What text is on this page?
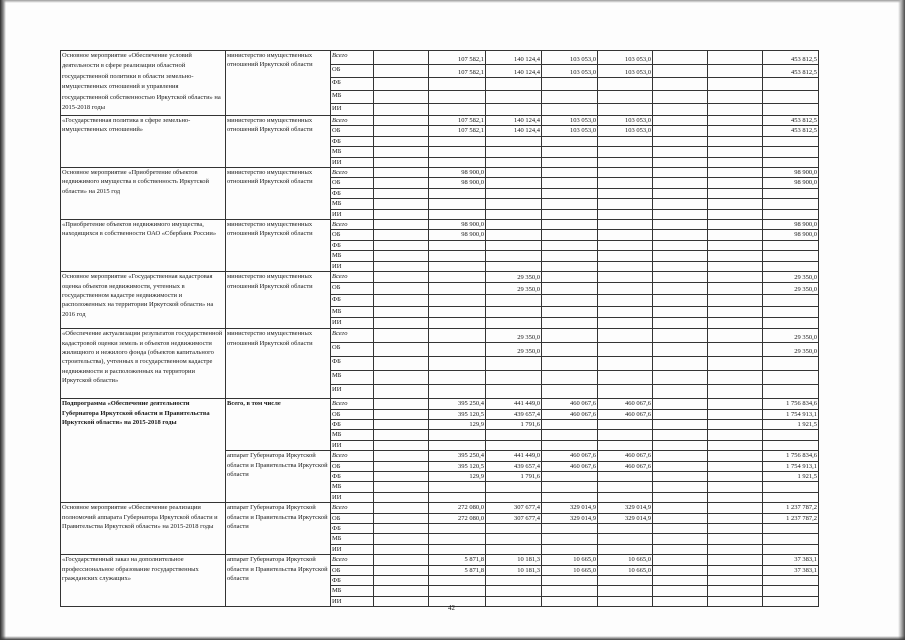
Основное мероприятие «Обеспечение условий деятельности в сфере реализации областной государственной политики в области земельно-имущественных отношений и управления государственной собственностью Иркутской области» на 2015-2018 годы	министерство имущественных отношений Иркутской области	Всего		107 582,1	140 124,4	103 053,0	103 053,0			453 812,5
		ОБ		107 582,1	140 124,4	103 053,0	103 053,0			453 812,5
		ФБ								
		МБ								
		ИИ								
«Государственная политика в сфере земельно-имущественных отношений»	министерство имущественных отношений Иркутской области	Всего		107 582,1	140 124,4	103 053,0	103 053,0			453 812,5
		ОБ		107 582,1	140 124,4	103 053,0	103 053,0			453 812,5
		ФБ								
		МБ								
		ИИ								
Основное мероприятие «Приобретение объектов недвижимого имущества в собственность Иркутской области» на 2015 год	министерство имущественных отношений Иркутской области	Всего		98 900,0						98 900,0
		ОБ		98 900,0						98 900,0
		ФБ								
		МБ								
		ИИ								
«Приобретение объектов недвижимого имущества, находящихся в собственности ОАО «Сбербанк России»	министерство имущественных отношений Иркутской области	Всего		98 900,0						98 900,0
		ОБ		98 900,0						98 900,0
		ФБ								
		МБ								
		ИИ								
Основное мероприятие «Государственная кадастровая оценка объектов недвижимости, учтенных в государственном кадастре недвижимости и расположенных на территории Иркутской области» на 2016 год	министерство имущественных отношений Иркутской области	Всего			29 350,0					29 350,0
		ОБ			29 350,0					29 350,0
		ФБ								
		МБ								
		ИИ								
«Обеспечение актуализации результатов государственной кадастровой оценки земель и объектов недвижимости жилищного и нежилого фонда (объектов капитального строительства), учтенных в государственном кадастре недвижимости и расположенных на территории Иркутской области»	министерство имущественных отношений Иркутской области	Всего			29 350,0					29 350,0
		ОБ			29 350,0					29 350,0
		ФБ								
		МБ								
		ИИ								
Подпрограмма «Обеспечение деятельности Губернатора Иркутской области и Правительства Иркутской области» на 2015-2018 годы	Всего, в том числе	Всего		395 250,4	441 449,0	460 067,6	460 067,6			1 756 834,6
		ОБ		395 120,5	439 657,4	460 067,6	460 067,6			1 754 913,1
		ФБ		129,9	1 791,6					1 921,5
		МБ								
		ИИ								
	аппарат Губернатора Иркутской области и Правительства Иркутской области	Всего		395 250,4	441 449,0	460 067,6	460 067,6			1 756 834,6
		ОБ		395 120,5	439 657,4	460 067,6	460 067,6			1 754 913,1
		ФБ		129,9	1 791,6					1 921,5
		МБ								
		ИИ								
Основное мероприятие «Обеспечение реализации полномочий аппарата Губернатора Иркутской области и Правительства Иркутской области» на 2015-2018 годы	аппарат Губернатора Иркутской области и Правительства Иркутской области	Всего		272 080,0	307 677,4	329 014,9	329 014,9			1 237 787,2
		ОБ		272 080,0	307 677,4	329 014,9	329 014,9			1 237 787,2
		ФБ								
		МБ								
		ИИ								
«Государственный заказ на дополнительное профессиональное образование государственных гражданских служащих»	аппарат Губернатора Иркутской области и Правительства Иркутской области	Всего		5 871,8	10 181,3	10 665,0	10 665,0			37 383,1
		ОБ		5 871,8	10 181,3	10 665,0	10 665,0			37 383,1
		ФБ								
		МБ								
		ИИ								
42
